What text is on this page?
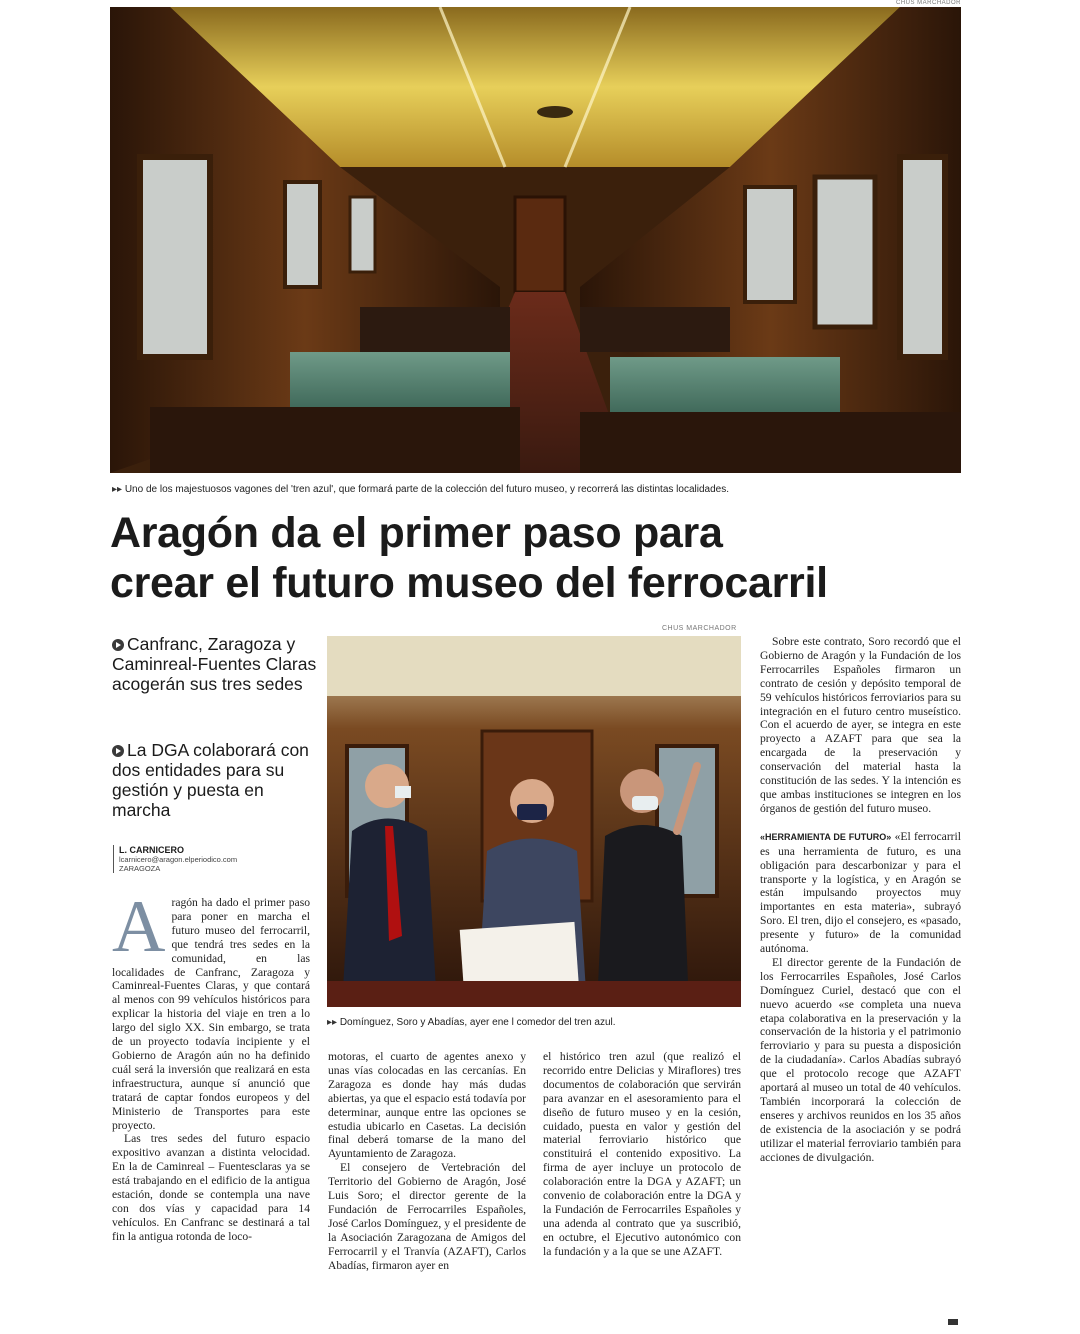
CHUS MARCHADOR
▸▸ Uno de los majestuosos vagones del 'tren azul', que formará parte de la colección del futuro museo, y recorrerá las distintas localidades.
Aragón da el primer paso para
crear el futuro museo del ferrocarril
Canfranc, Zaragoza y Caminreal-Fuentes Claras acogerán sus tres sedes
La DGA colaborará con dos entidades para su gestión y puesta en marcha
L. CARNICERO
lcarnicero@aragon.elperiodico.com
ZARAGOZA
CHUS MARCHADOR
▸▸ Domínguez, Soro y Abadías, ayer ene l comedor del tren azul.

Aragón ha dado el primer paso para poner en marcha el futuro museo del ferrocarril, que tendrá tres sedes en la comunidad, en las localidades de Canfranc, Zaragoza y Caminreal-Fuentes Claras, y que contará al menos con 99 vehículos históricos para explicar la historia del viaje en tren a lo largo del siglo XX. Sin embargo, se trata de un proyecto todavía incipiente y el Gobierno de Aragón aún no ha definido cuál será la inversión que realizará en esta infraestructura, aunque sí anunció que tratará de captar fondos europeos y del Ministerio de Transportes para este proyecto.

Las tres sedes del futuro espacio expositivo avanzan a distinta velocidad. En la de Caminreal – Fuentesclaras ya se está trabajando en el edificio de la antigua estación, donde se contempla una nave con dos vías y capacidad para 14 vehículos. En Canfranc se destinará a tal fin la antigua rotonda de loco-

motoras, el cuarto de agentes anexo y unas vías colocadas en las cercanías. En Zaragoza es donde hay más dudas abiertas, ya que el espacio está todavía por determinar, aunque entre las opciones se estudia ubicarlo en Casetas. La decisión final deberá tomarse de la mano del Ayuntamiento de Zaragoza.

El consejero de Vertebración del Territorio del Gobierno de Aragón, José Luis Soro; el director gerente de la Fundación de Ferrocarriles Españoles, José Carlos Domínguez, y el presidente de la Asociación Zaragozana de Amigos del Ferrocarril y el Tranvía (AZAFT), Carlos Abadías, firmaron ayer en

el histórico tren azul (que realizó el recorrido entre Delicias y Miraflores) tres documentos de colaboración que servirán para avanzar en el asesoramiento para el diseño de futuro museo y en la cesión, cuidado, puesta en valor y gestión del material ferroviario histórico que constituirá el contenido expositivo. La firma de ayer incluye un protocolo de colaboración entre la DGA y AZAFT; un convenio de colaboración entre la DGA y la Fundación de Ferrocarriles Españoles y una adenda al contrato que ya suscribió, en octubre, el Ejecutivo autonómico con la fundación y a la que se une AZAFT.

Sobre este contrato, Soro recordó que el Gobierno de Aragón y la Fundación de los Ferrocarriles Españoles firmaron un contrato de cesión y depósito temporal de 59 vehículos históricos ferroviarios para su integración en el futuro centro museístico. Con el acuerdo de ayer, se integra en este proyecto a AZAFT para que sea la encargada de la preservación y conservación del material hasta la constitución de las sedes. Y la intención es que ambas instituciones se integren en los órganos de gestión del futuro museo.

«HERRAMIENTA DE FUTURO» «El ferrocarril es una herramienta de futuro, es una obligación para descarbonizar y para el transporte y la logística, y en Aragón se están impulsando proyectos muy importantes en esta materia», subrayó Soro. El tren, dijo el consejero, es «pasado, presente y futuro» de la comunidad autónoma.

El director gerente de la Fundación de los Ferrocarriles Españoles, José Carlos Domínguez Curiel, destacó que con el nuevo acuerdo «se completa una nueva etapa colaborativa en la preservación y la conservación de la historia y el patrimonio ferroviario y para su puesta a disposición de la ciudadanía». Carlos Abadías subrayó que el protocolo recoge que AZAFT aportará al museo un total de 40 vehículos. También incorporará la colección de enseres y archivos reunidos en los 35 años de existencia de la asociación y se podrá utilizar el material ferroviario también para acciones de divulgación.
